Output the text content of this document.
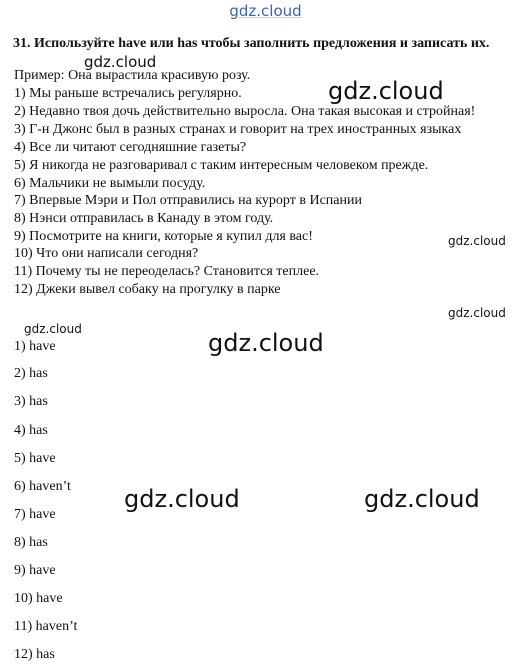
gdz.cloud
31. Используйте have или has чтобы заполнить предложения и записать их.
Пример: Она вырастила красивую розу.
1) Мы раньше встречались регулярно.
2) Недавно твоя дочь действительно выросла. Она такая высокая и стройная!
3) Г-н Джонс был в разных странах и говорит на трех иностранных языках
4) Все ли читают сегодняшние газеты?
5) Я никогда не разговаривал с таким интересным человеком прежде.
6) Мальчики не вымыли посуду.
7) Впервые Мэри и Пол отправились на курорт в Испании
8) Нэнси отправилась в Канаду в этом году.
9) Посмотрите на книги, которые я купил для вас!
10) Что они написали сегодня?
11) Почему ты не переоделась? Становится теплее.
12) Джеки вывел собаку на прогулку в парке
1) have
2) has
3) has
4) has
5) have
6) haven’t
7) have
8) has
9) have
10) have
11) haven’t
12) has
gdz.cloud
gdz.cloud
gdz.cloud
gdz.cloud
gdz.cloud	gdz.cloud
gdz.cloud	gdz.cloud
